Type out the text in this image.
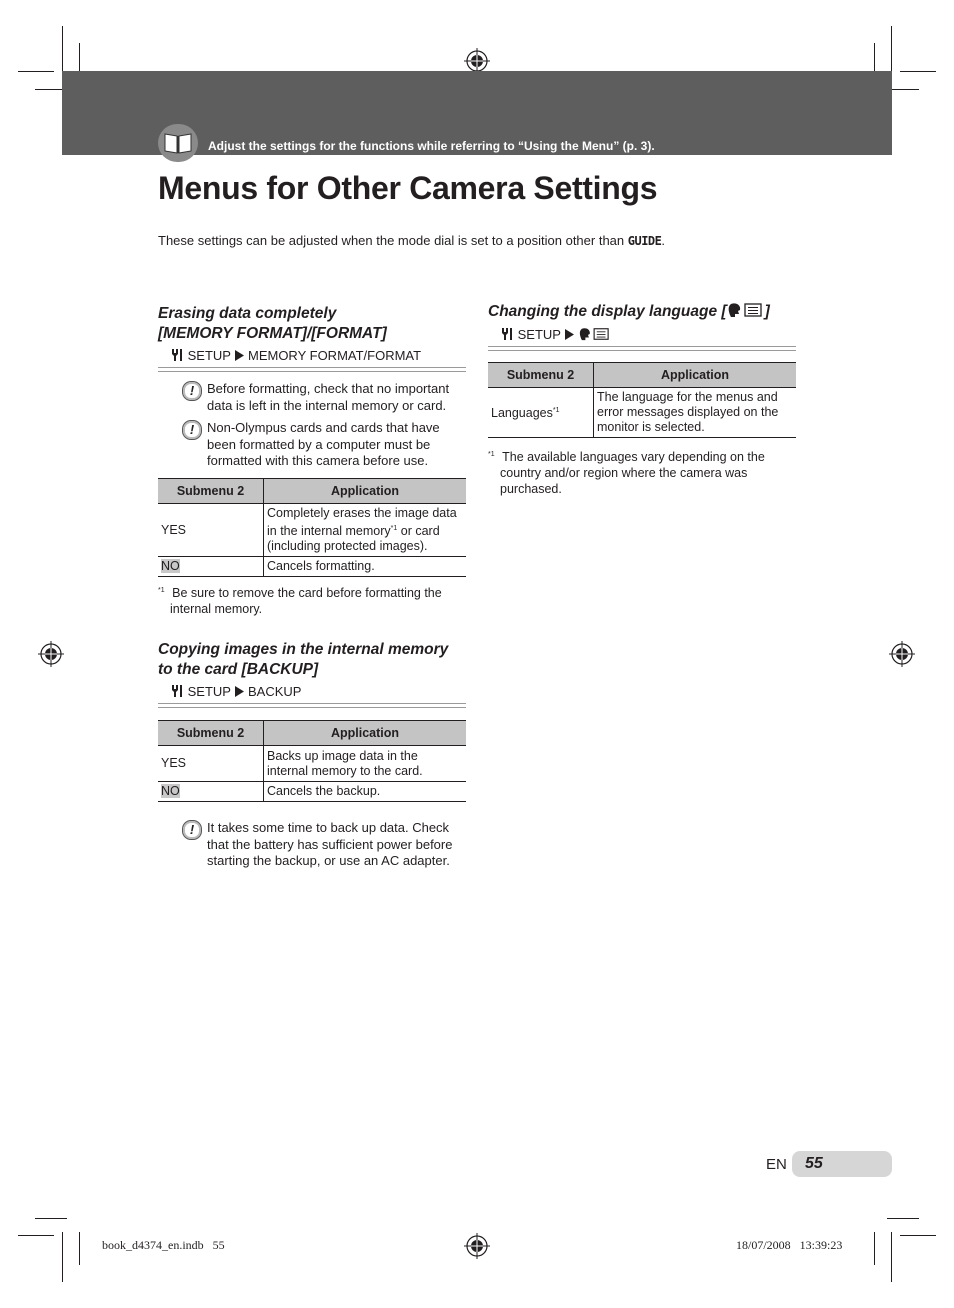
Adjust the settings for the functions while referring to “Using the Menu” (p. 3).
Menus for Other Camera Settings
These settings can be adjusted when the mode dial is set to a position other than GUIDE.
Erasing data completely
[MEMORY FORMAT]/[FORMAT]
SETUP MEMORY FORMAT/FORMAT
! Before formatting, check that no important
data is left in the internal memory or card.
! Non-Olympus cards and cards that have
been formatted by a computer must be
formatted with this camera before use.
Submenu 2	Application
YES	Completely erases the image data
in the internal memory$^{*1}$ or card
(including protected images).
NO	Cancels formatting.
$^{*1}$ Be sure to remove the card before formatting the
internal memory.
Copying images in the internal memory
to the card [BACKUP]
SETUP BACKUP
Submenu 2	Application
YES	Backs up image data in the
internal memory to the card.
NO	Cancels the backup.
! It takes some time to back up data. Check
that the battery has sufficient power before
starting the backup, or use an AC adapter.
Changing the display language [ ]
SETUP
Submenu 2	Application
Languages$^{*1}$	The language for the menus and
error messages displayed on the
monitor is selected.
$^{*1}$ The available languages vary depending on the
country and/or region where the camera was
purchased.
EN 55
book_d4374_en.indb   55	18/07/2008   13:39:23
